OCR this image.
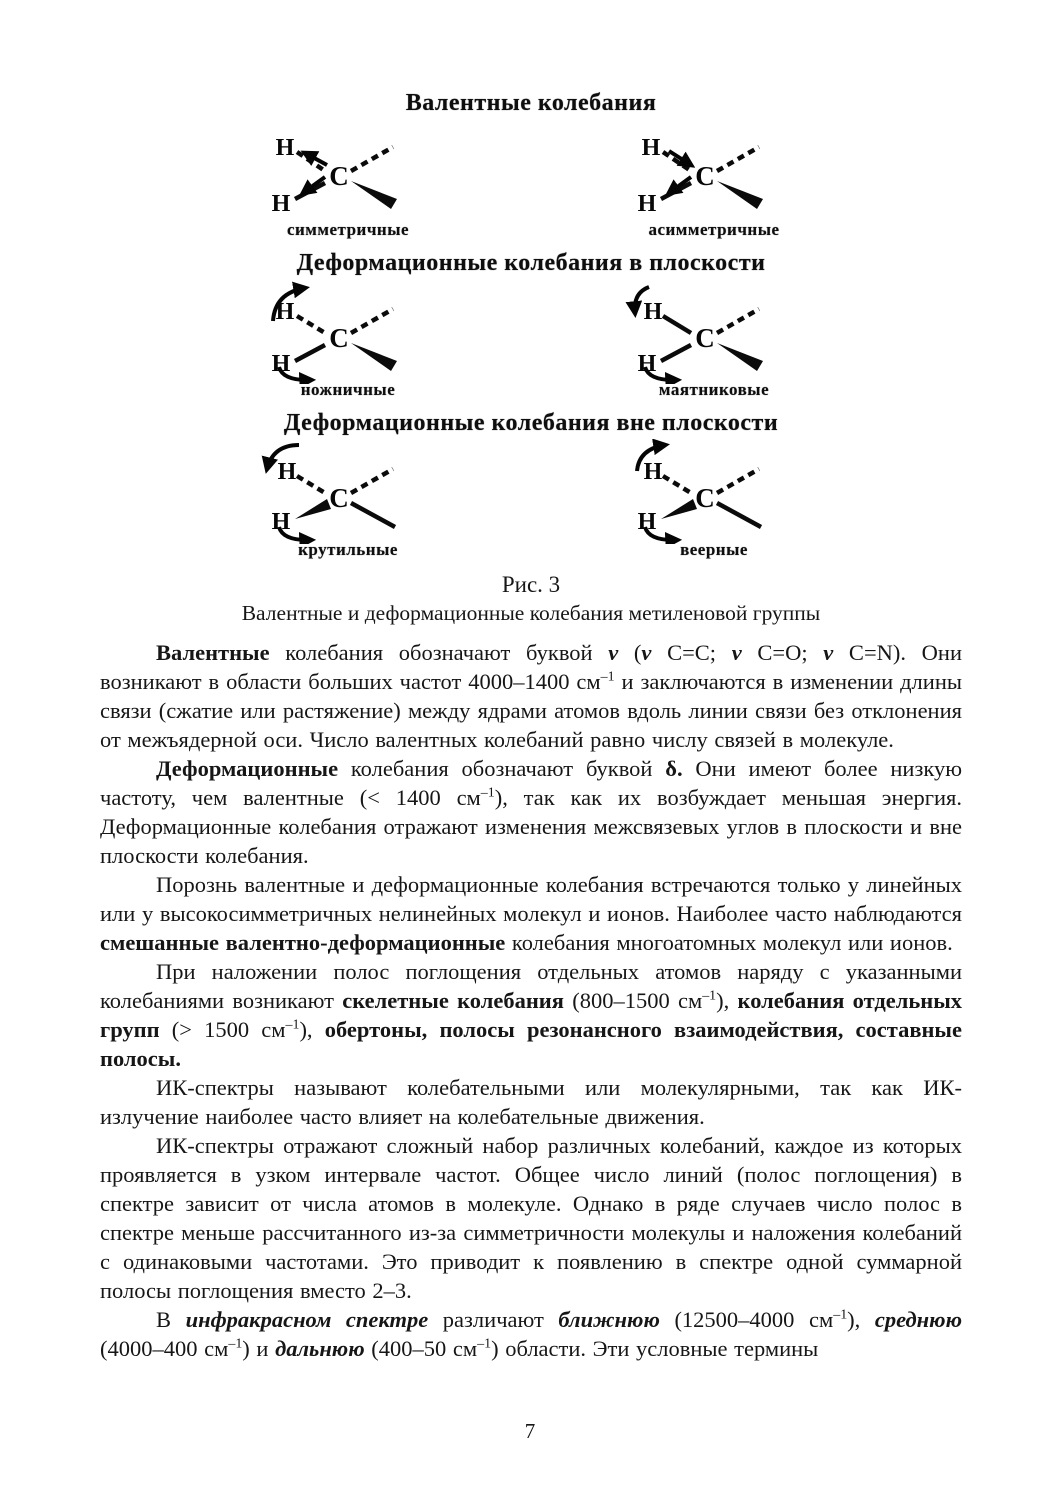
Валентные колебания
H
H
C
симметричные
H
H
C
асимметричные
Деформационные колебания в плоскости
H
H
C
ножничные
H
H
C
маятниковые
Деформационные колебания вне плоскости
H
H
C
крутильные
H
H
C
веерные
Рис. 3
Валентные и деформационные колебания метиленовой группы

Валентные колебания обозначают буквой ν (ν C=C; ν C=O; ν C=N). Они возникают в области больших частот 4000–1400 $см^{-1}$ и заключаются в изменении длины связи (сжатие или растяжение) между ядрами атомов вдоль линии связи без отклонения от межъядерной оси. Число валентных колебаний равно числу связей в молекуле.

Деформационные колебания обозначают буквой δ. Они имеют более низкую частоту, чем валентные (< 1400 $см^{-1}$), так как их возбуждает меньшая энергия. Деформационные колебания отражают изменения межсвязевых углов в плоскости и вне плоскости колебания.

Порознь валентные и деформационные колебания встречаются только у линейных или у высокосимметричных нелинейных молекул и ионов. Наиболее часто наблюдаются смешанные валентно-деформационные колебания многоатомных молекул или ионов.

При наложении полос поглощения отдельных атомов наряду с указанными колебаниями возникают скелетные колебания (800–1500 $см^{-1}$), колебания отдельных групп (> 1500 $см^{-1}$), обертоны, полосы резонансного взаимодействия, составные полосы.

ИК-спектры называют колебательными или молекулярными, так как ИК-излучение наиболее часто влияет на колебательные движения.

ИК-спектры отражают сложный набор различных колебаний, каждое из которых проявляется в узком интервале частот. Общее число линий (полос поглощения) в спектре зависит от числа атомов в молекуле. Однако в ряде случаев число полос в спектре меньше рассчитанного из-за симметричности молекулы и наложения колебаний с одинаковыми частотами. Это приводит к появлению в спектре одной суммарной полосы поглощения вместо 2–3.

В инфракрасном спектре различают ближнюю (12500–4000 $см^{-1}$), среднюю (4000–400 $см^{-1}$) и дальнюю (400–50 $см^{-1}$) области. Эти условные термины

7
